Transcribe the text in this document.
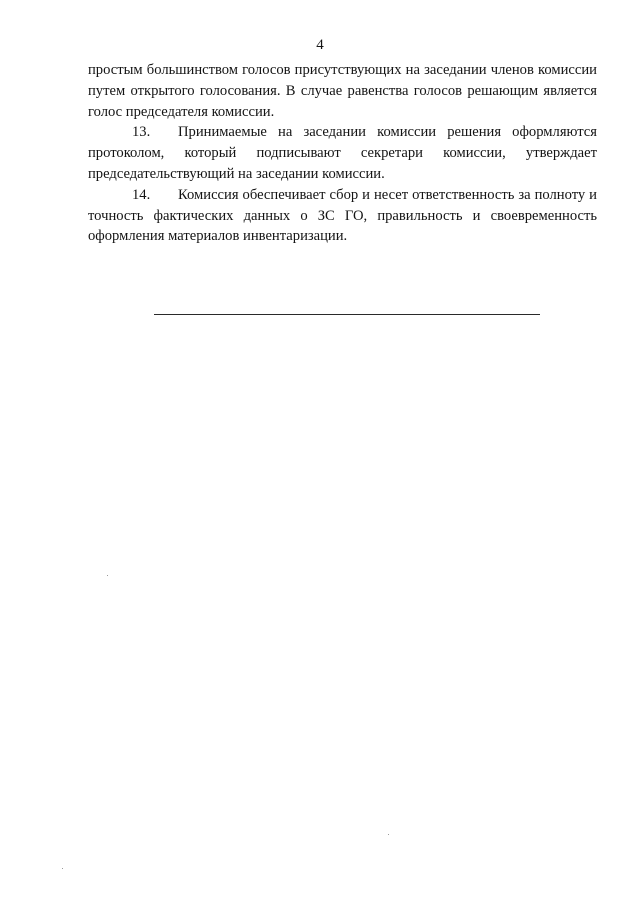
4

простым большинством голосов присутствующих на заседании членов комиссии путем открытого голосования. В случае равенства голосов решающим является голос председателя комиссии.

13. Принимаемые на заседании комиссии решения оформляются протоколом, который подписывают секретари комиссии, утверждает председательствующий на заседании комиссии.

14. Комиссия обеспечивает сбор и несет ответственность за полноту и точность фактических данных о ЗС ГО, правильность и своевременность оформления материалов инвентаризации.
